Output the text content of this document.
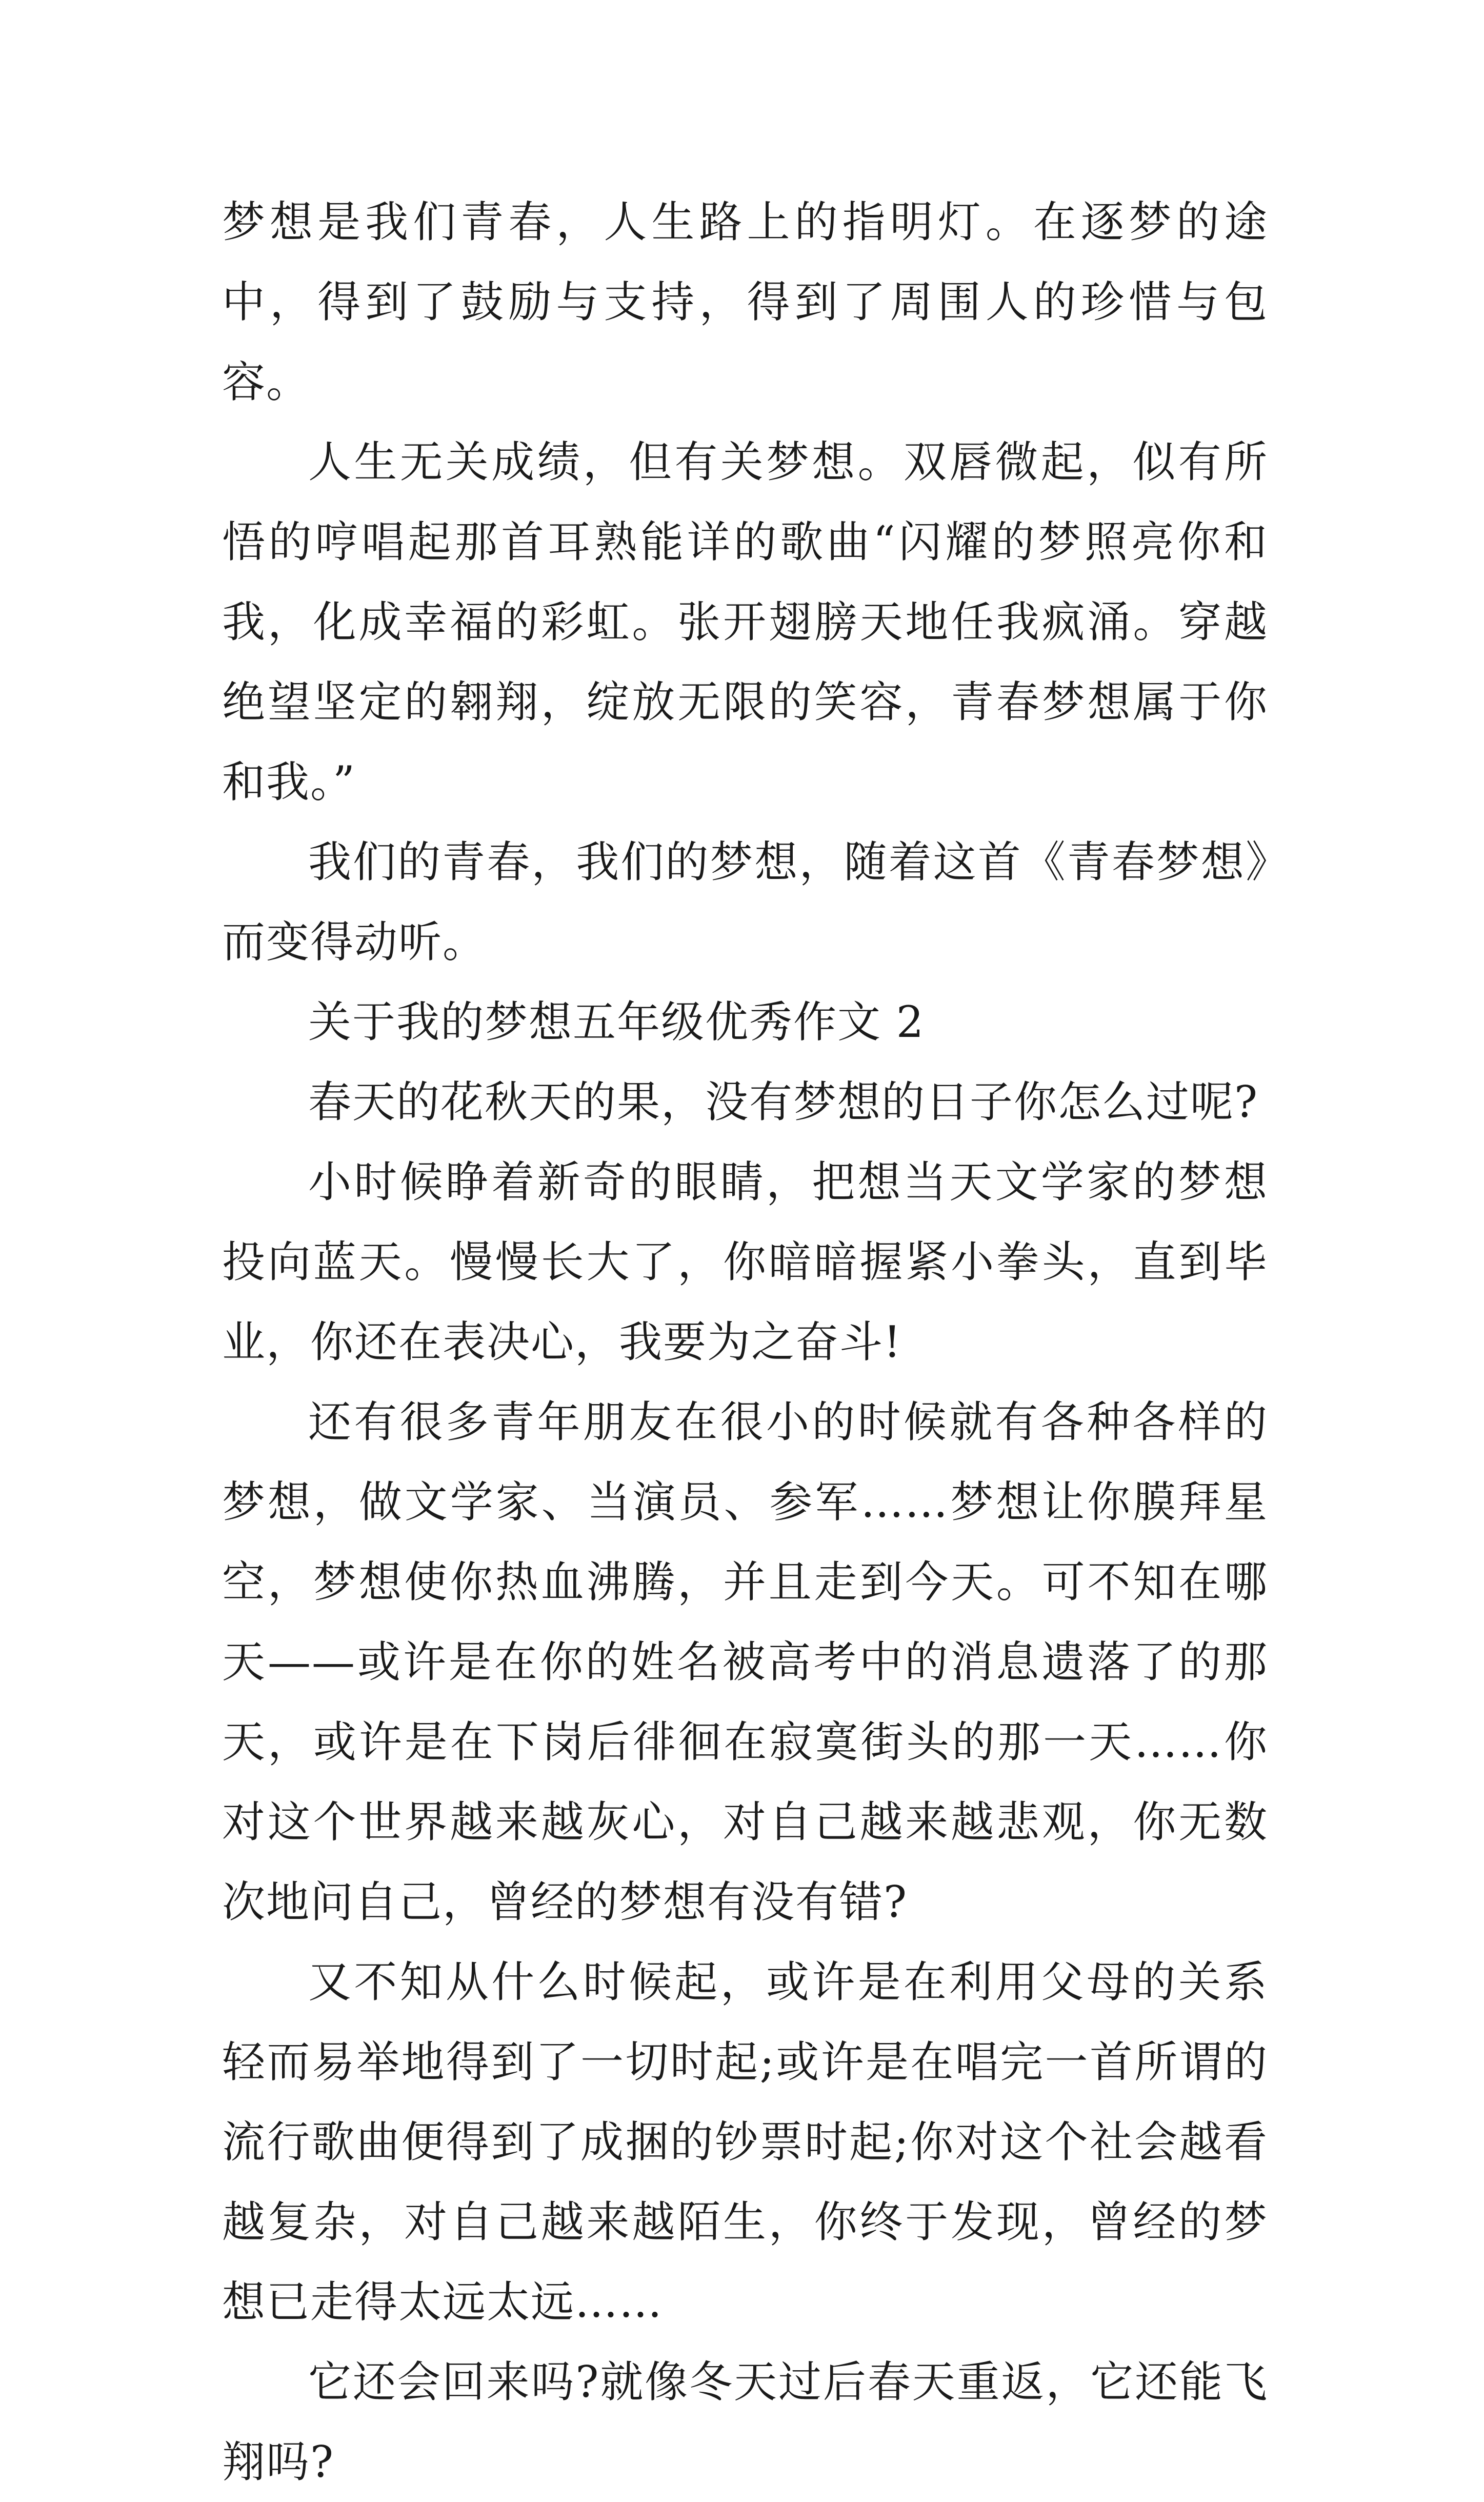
梦想是我们青春，人生路上的指明灯。在逐梦的途中，得到了鼓励与支持，得到了周围人的珍惜与包容。

人生无关成绩，但有关梦想。双唇微起，似有所悟的哼唱起那首耳熟能详的歌曲“闪耀的梦照亮你和我，化成幸福的彩虹。张开翅膀天地任我疯涌。穿越绝望坚定的翱翔，绽放无限的笑容，青春梦想属于你和我。”

我们的青春，我们的梦想，随着这首《青春梦想》而变得动听。

关于我的梦想五年级优秀作文 2

春天的花秋天的果，没有梦想的日子你怎么过呢?

小时候睁着新奇的眼睛，把想当天文学家的梦想投向蓝天。慢慢长大了，你暗暗握紧小拳头，直到毕业，你还在表决心，我要为之奋斗!

还有很多青年朋友在很小的时候就有各种各样的梦想，做文学家、当演员、参军……梦想让你膜拜星空，梦想使你热血沸腾，并且走到今天。可不知在哪天——或许是在你的姓名被高考中的消息遗落了的那天，或许是在下岗后徘徊在寂寞街头的那一天……你对这个世界越来越灰心，对自己越来越悲观，你无数次地问自己，曾经的梦想有没有错?

又不知从什么时候起，或许是在利用父母的关系轻而易举地得到了一切时起;或许是在唱完一首所谓的流行歌曲便得到了成捆的钞票时起;你对这个社会越看越复杂，对自己越来越陌生，你终于发现，曾经的梦想已走得太远太远……

它还会回来吗?就像冬天过后春天重返，它还能飞翔吗?
